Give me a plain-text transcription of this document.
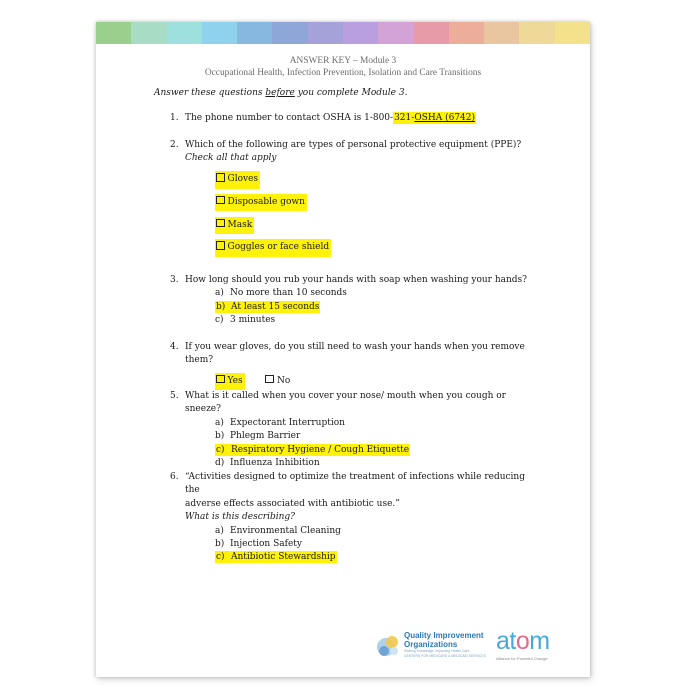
ANSWER KEY – Module 3
Occupational Health, Infection Prevention, Isolation and Care Transitions
Answer these questions before you complete Module 3.
1. The phone number to contact OSHA is 1-800-321-OSHA (6742)
2. Which of the following are types of personal protective equipment (PPE)?
Check all that apply
Gloves
Disposable gown
Mask
Goggles or face shield
3. How long should you rub your hands with soap when washing your hands?
a) No more than 10 seconds
b) At least 15 seconds
c) 3 minutes
4. If you wear gloves, do you still need to wash your hands when you remove them?
Yes	No
5. What is it called when you cover your nose/ mouth when you cough or sneeze?
a) Expectorant Interruption
b) Phlegm Barrier
c) Respiratory Hygiene / Cough Etiquette
d) Influenza Inhibition
6. “Activities designed to optimize the treatment of infections while reducing the
adverse effects associated with antibiotic use.”
What is this describing?
a) Environmental Cleaning
b) Injection Safety
c) Antibiotic Stewardship
Quality Improvement
Organizations
Sharing Knowledge. Improving Health Care.
CENTERS FOR MEDICARE & MEDICAID SERVICES
atom
Alliance for Powerful Change
